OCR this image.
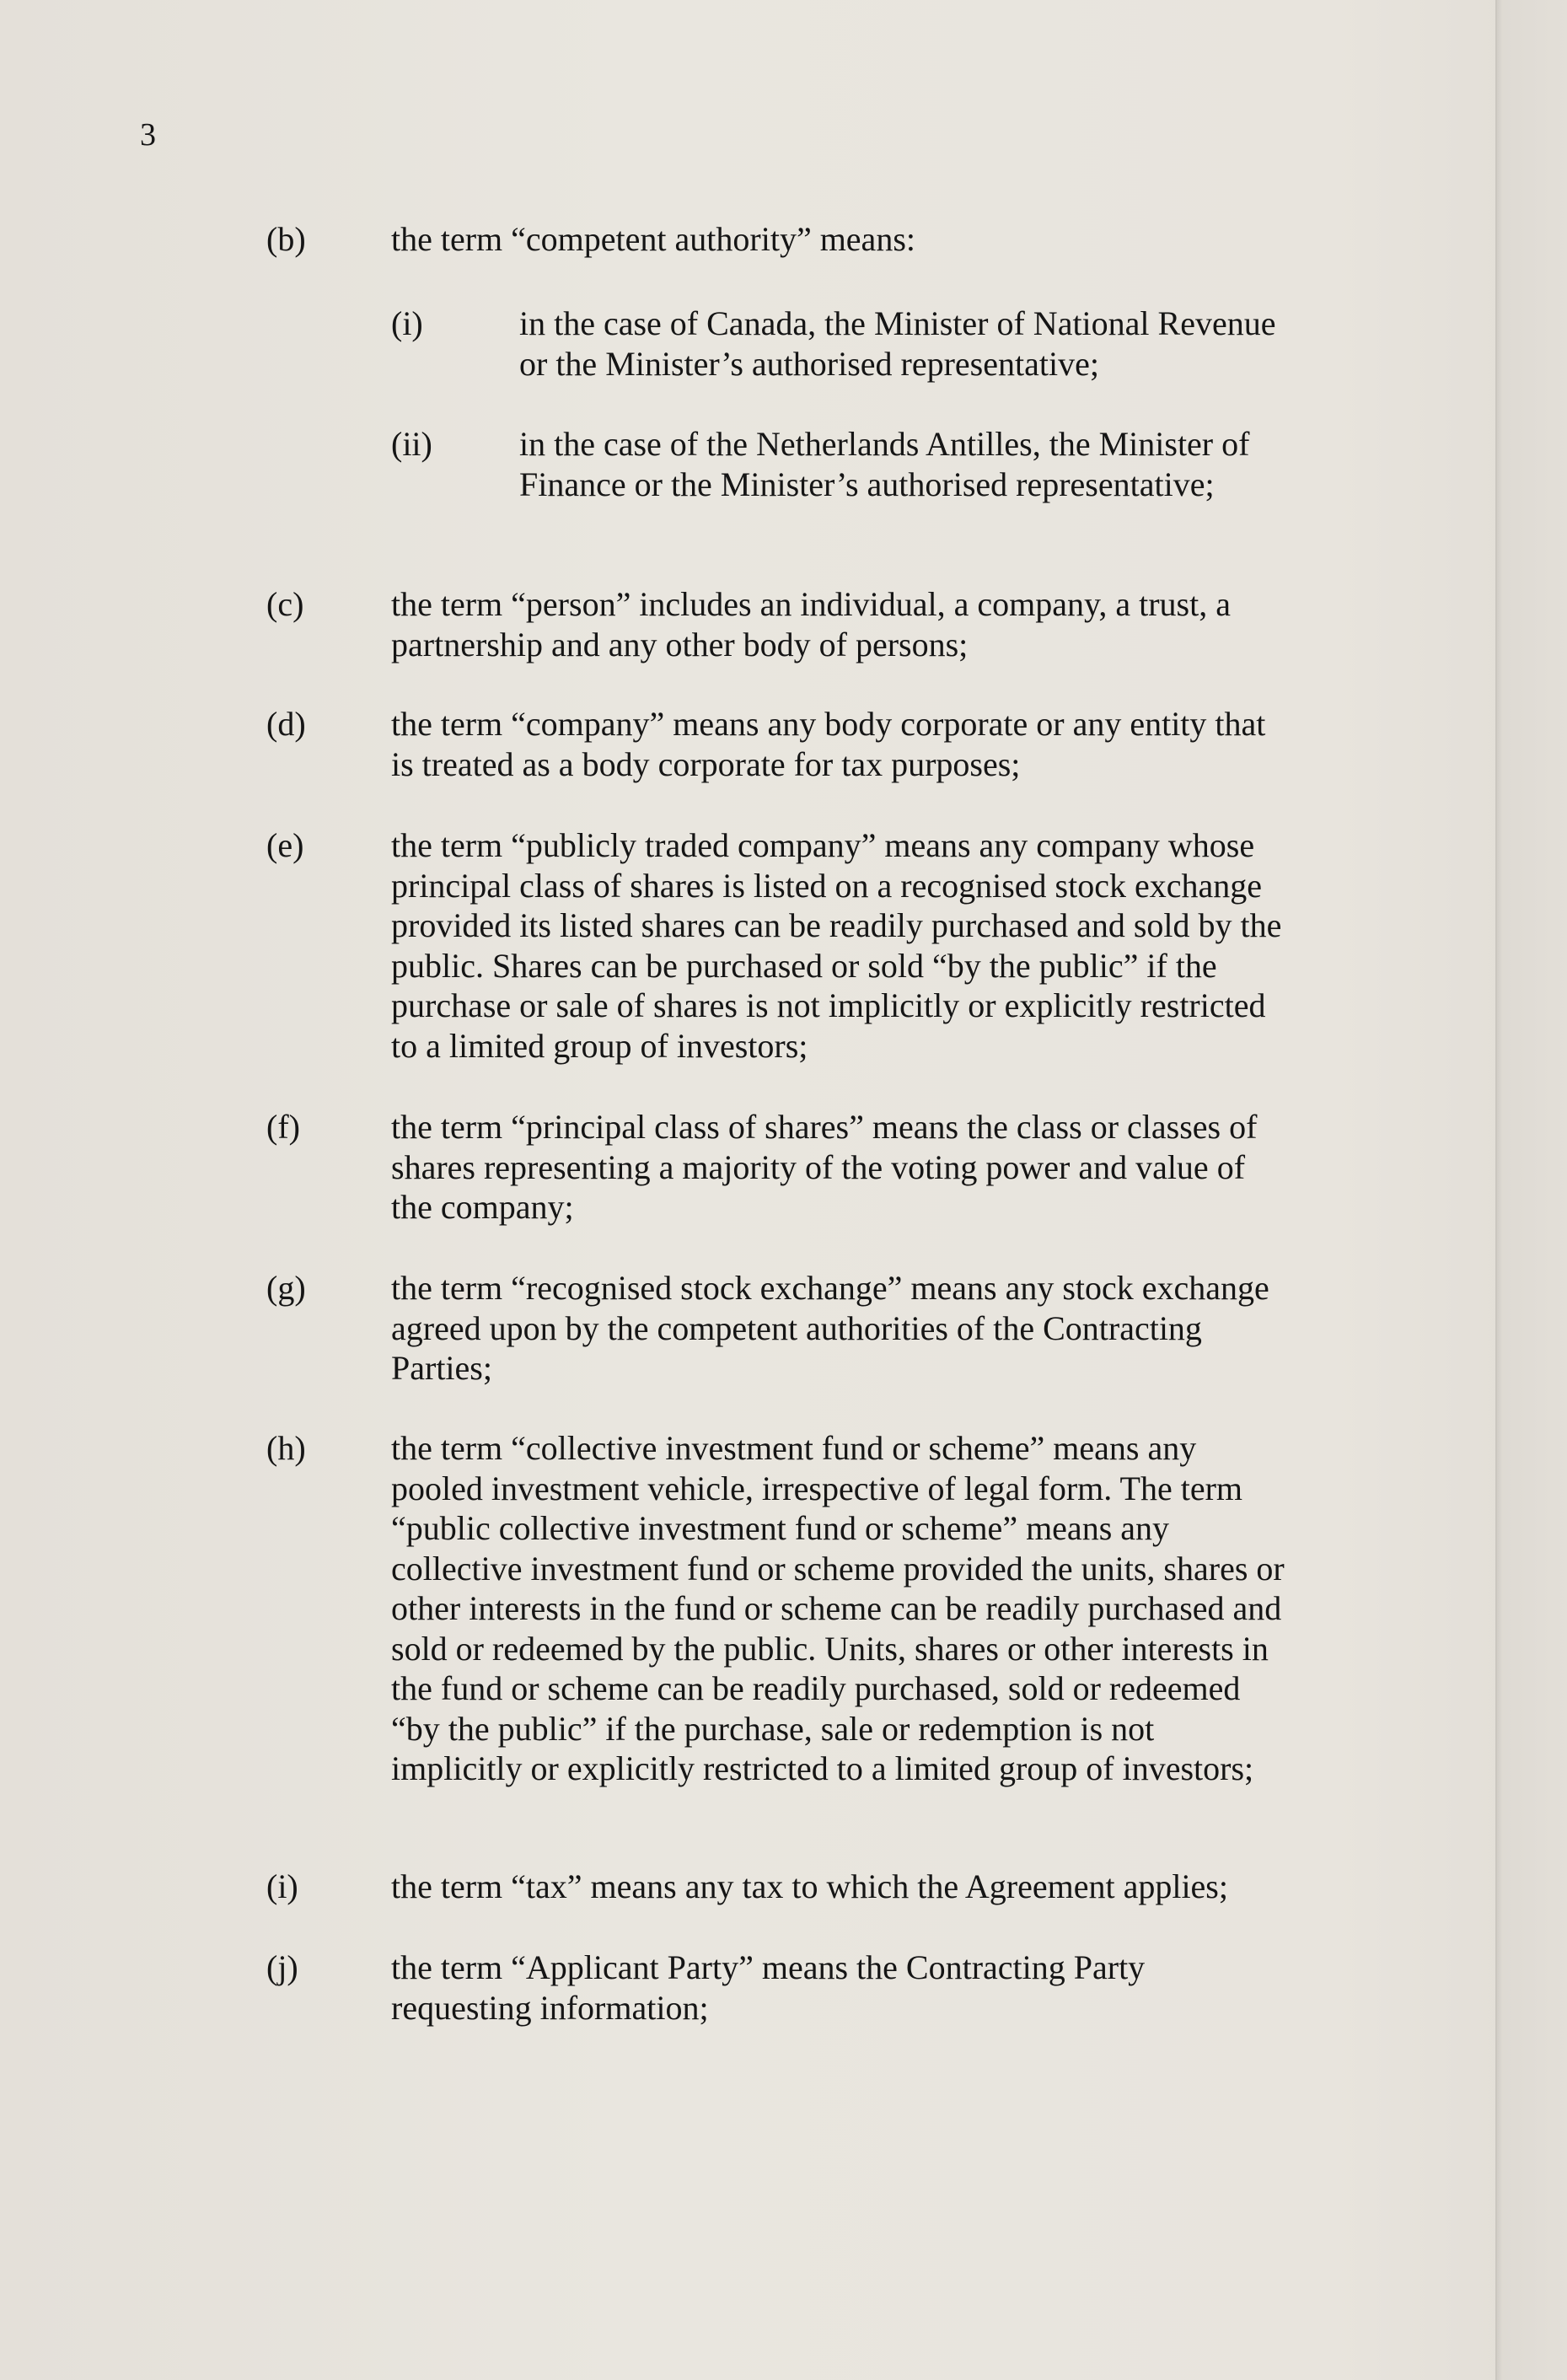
3
(b)	the term “competent authority” means:
(i)	in the case of Canada, the Minister of National Revenue or the Minister’s authorised representative;
(ii)	in the case of the Netherlands Antilles, the Minister of Finance or the Minister’s authorised representative;
(c)	the term “person” includes an individual, a company, a trust, a partnership and any other body of persons;
(d)	the term “company” means any body corporate or any entity that is treated as a body corporate for tax purposes;
(e)	the term “publicly traded company” means any company whose principal class of shares is listed on a recognised stock exchange provided its listed shares can be readily purchased and sold by the public. Shares can be purchased or sold “by the public” if the purchase or sale of shares is not implicitly or explicitly restricted to a limited group of investors;
(f)	the term “principal class of shares” means the class or classes of shares representing a majority of the voting power and value of the company;
(g)	the term “recognised stock exchange” means any stock exchange agreed upon by the competent authorities of the Contracting Parties;
(h)	the term “collective investment fund or scheme” means any pooled investment vehicle, irrespective of legal form. The term “public collective investment fund or scheme” means any collective investment fund or scheme provided the units, shares or other interests in the fund or scheme can be readily purchased and sold or redeemed by the public. Units, shares or other interests in the fund or scheme can be readily purchased, sold or redeemed “by the public” if the purchase, sale or redemption is not implicitly or explicitly restricted to a limited group of investors;
(i)	the term “tax” means any tax to which the Agreement applies;
(j)	the term “Applicant Party” means the Contracting Party requesting information;
